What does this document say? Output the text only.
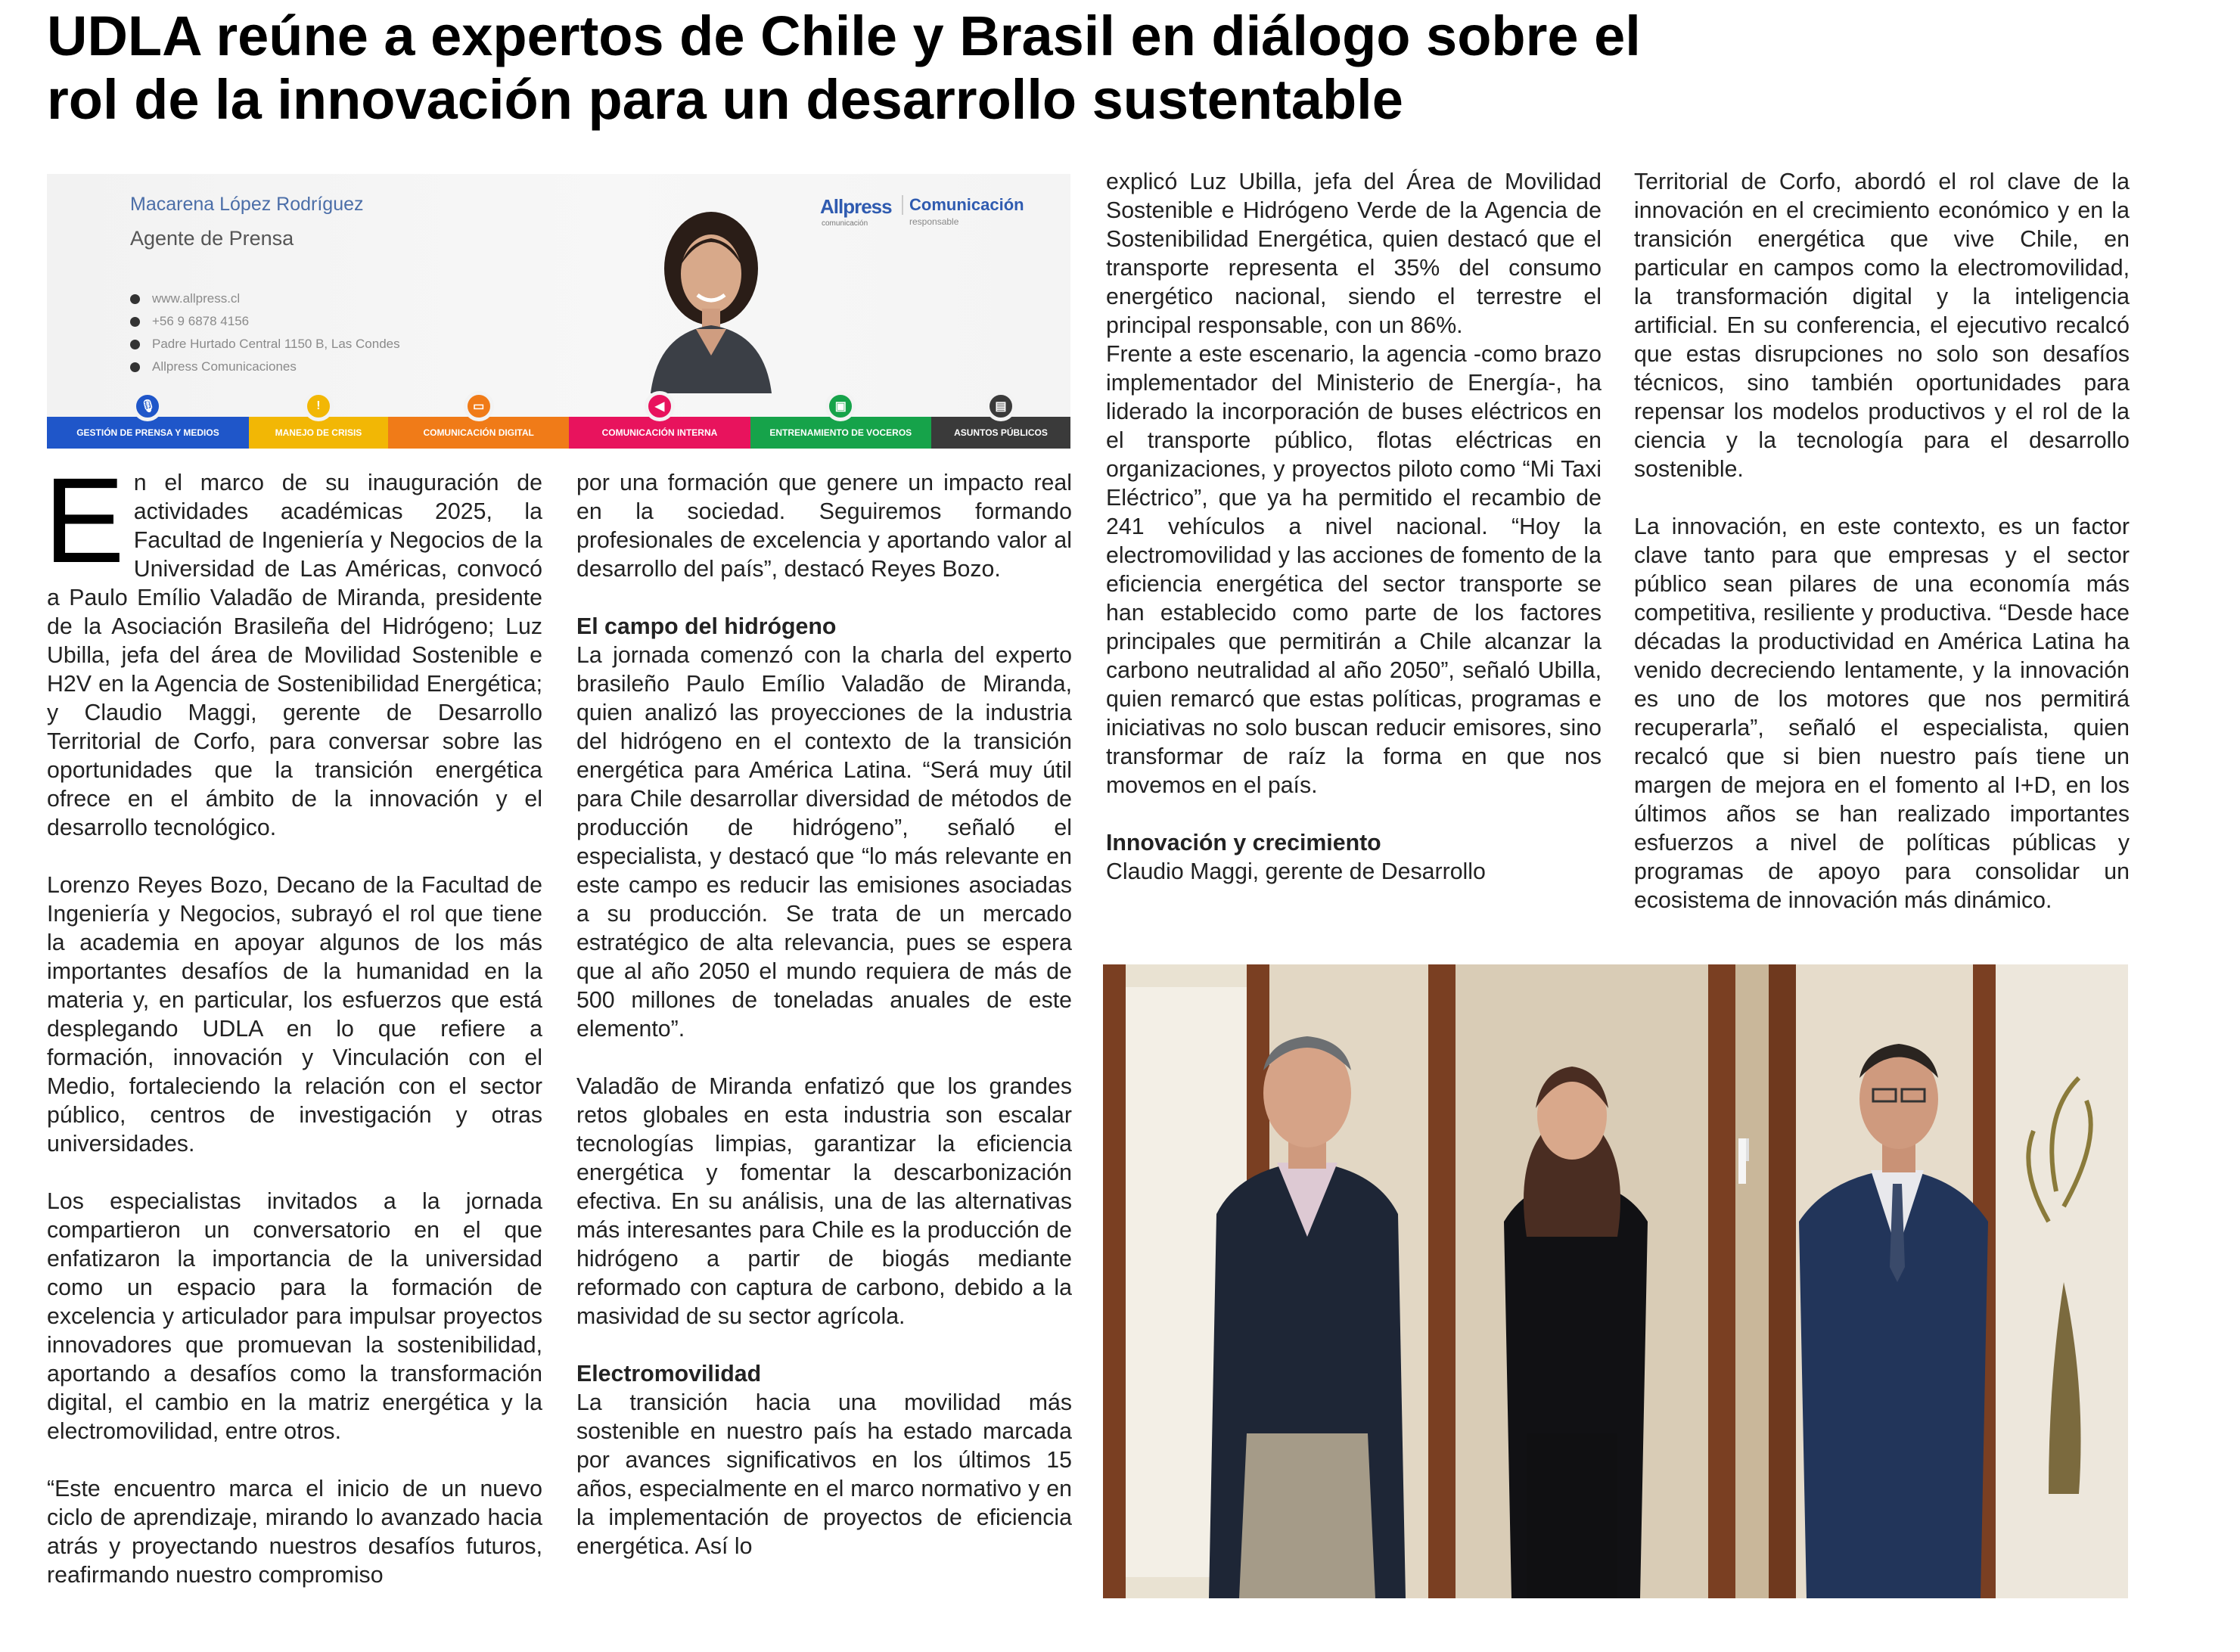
UDLA reúne a expertos de Chile y Brasil en diálogo sobre el
rol de la innovación para un desarrollo sustentable
Macarena López Rodríguez
Agente de Prensa
www.allpress.cl
+56 9 6878 4156
Padre Hurtado Central 1150 B, Las Condes
Allpress Comunicaciones
Allpress
comunicación
Comunicación
responsable
🎙
GESTIÓN DE PRENSA Y MEDIOS
!
MANEJO DE CRISIS
▭
COMUNICACIÓN DIGITAL
◀
COMUNICACIÓN INTERNA
▣
ENTRENAMIENTO DE VOCEROS
▤
ASUNTOS PÚBLICOS

En el marco de su inauguración de actividades académicas 2025, la Facultad de Ingeniería y Negocios de la Universidad de Las Américas, convocó a Paulo Emílio Valadão de Miranda, presidente de la Asociación Brasileña del Hidrógeno; Luz Ubilla, jefa del área de Movilidad Sostenible e H2V en la Agencia de Sostenibilidad Energética; y Claudio Maggi, gerente de Desarrollo Territorial de Corfo, para conversar sobre las oportunidades que la transición energética ofrece en el ámbito de la innovación y el desarrollo tecnológico.

Lorenzo Reyes Bozo, Decano de la Facultad de Ingeniería y Negocios, subrayó el rol que tiene la academia en apoyar algunos de los más importantes desafíos de la humanidad en la materia y, en particular, los esfuerzos que está desplegando UDLA en lo que refiere a formación, innovación y Vinculación con el Medio, fortaleciendo la relación con el sector público, centros de investigación y otras universidades.

Los especialistas invitados a la jornada compartieron un conversatorio en el que enfatizaron la importancia de la universidad como un espacio para la formación de excelencia y articulador para impulsar proyectos innovadores que promuevan la sostenibilidad, aportando a desafíos como la transformación digital, el cambio en la matriz energética y la electromovilidad, entre otros.

“Este encuentro marca el inicio de un nuevo ciclo de aprendizaje, mirando lo avanzado hacia atrás y proyectando nuestros desafíos futuros, reafirmando nuestro compromiso

por una formación que genere un impacto real en la sociedad. Seguiremos formando profesionales de excelencia y aportando valor al desarrollo del país”, destacó Reyes Bozo.

El campo del hidrógeno

La jornada comenzó con la charla del experto brasileño Paulo Emílio Valadão de Miranda, quien analizó las proyecciones de la industria del hidrógeno en el contexto de la transición energética para América Latina. “Será muy útil para Chile desarrollar diversidad de métodos de producción de hidrógeno”, señaló el especialista, y destacó que “lo más relevante en este campo es reducir las emisiones asociadas a su producción. Se trata de un mercado estratégico de alta relevancia, pues se espera que al año 2050 el mundo requiera de más de 500 millones de toneladas anuales de este elemento”.

Valadão de Miranda enfatizó que los grandes retos globales en esta industria son escalar tecnologías limpias, garantizar la eficiencia energética y fomentar la descarbonización efectiva. En su análisis, una de las alternativas más interesantes para Chile es la producción de hidrógeno a partir de biogás mediante reformado con captura de carbono, debido a la masividad de su sector agrícola.

Electromovilidad

La transición hacia una movilidad más sostenible en nuestro país ha estado marcada por avances significativos en los últimos 15 años, especialmente en el marco normativo y en la implementación de proyectos de eficiencia energética. Así lo

explicó Luz Ubilla, jefa del Área de Movilidad Sostenible e Hidrógeno Verde de la Agencia de Sostenibilidad Energética, quien destacó que el transporte representa el 35% del consumo energético nacional, siendo el terrestre el principal responsable, con un 86%.

Frente a este escenario, la agencia -como brazo implementador del Ministerio de Energía-, ha liderado la incorporación de buses eléctricos en el transporte público, flotas eléctricas en organizaciones, y proyectos piloto como “Mi Taxi Eléctrico”, que ya ha permitido el recambio de 241 vehículos a nivel nacional. “Hoy la electromovilidad y las acciones de fomento de la eficiencia energética del sector transporte se han establecido como parte de los factores principales que permitirán a Chile alcanzar la carbono neutralidad al año 2050”, señaló Ubilla, quien remarcó que estas políticas, programas e iniciativas no solo buscan reducir emisores, sino transformar de raíz la forma en que nos movemos en el país.

Innovación y crecimiento

Claudio Maggi, gerente de Desarrollo

Territorial de Corfo, abordó el rol clave de la innovación en el crecimiento económico y en la transición energética que vive Chile, en particular en campos como la electromovilidad, la transformación digital y la inteligencia artificial. En su conferencia, el ejecutivo recalcó que estas disrupciones no solo son desafíos técnicos, sino también oportunidades para repensar los modelos productivos y el rol de la ciencia y la tecnología para el desarrollo sostenible.

La innovación, en este contexto, es un factor clave tanto para que empresas y el sector público sean pilares de una economía más competitiva, resiliente y productiva. “Desde hace décadas la productividad en América Latina ha venido decreciendo lentamente, y la innovación es uno de los motores que nos permitirá recuperarla”, señaló el especialista, quien recalcó que si bien nuestro país tiene un margen de mejora en el fomento al I+D, en los últimos años se han realizado importantes esfuerzos a nivel de políticas públicas y programas de apoyo para consolidar un ecosistema de innovación más dinámico.
